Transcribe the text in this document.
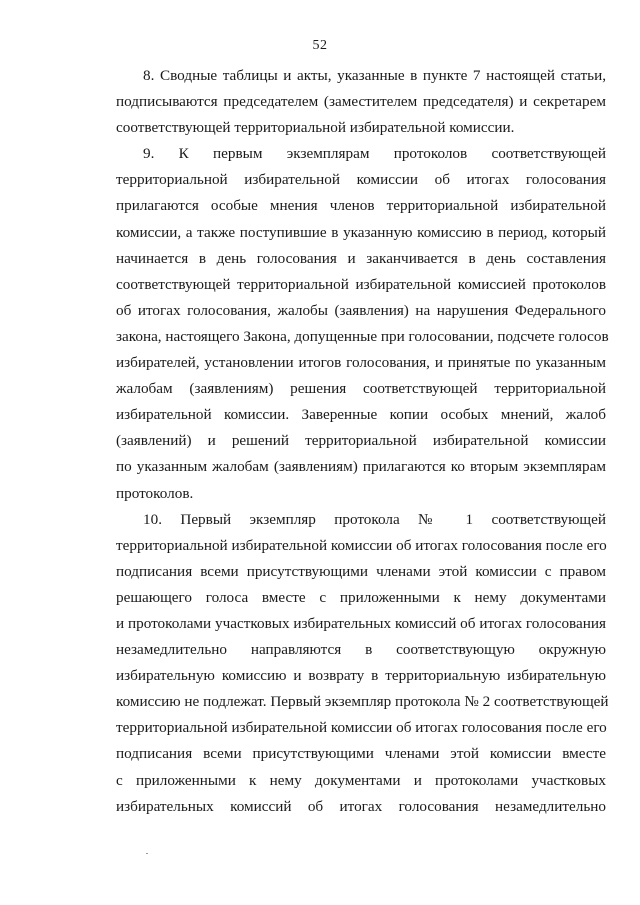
52
8. Сводные таблицы и акты, указанные в пункте 7 настоящей статьи,
подписываются председателем (заместителем председателя) и секретарем
соответствующей территориальной избирательной комиссии.
9. К первым экземплярам протоколов соответствующей
территориальной избирательной комиссии об итогах голосования
прилагаются особые мнения членов территориальной избирательной
комиссии, а также поступившие в указанную комиссию в период, который
начинается в день голосования и заканчивается в день составления
соответствующей территориальной избирательной комиссией протоколов
об итогах голосования, жалобы (заявления) на нарушения Федерального
закона, настоящего Закона, допущенные при голосовании, подсчете голосов
избирателей, установлении итогов голосования, и принятые по указанным
жалобам (заявлениям) решения соответствующей территориальной
избирательной комиссии. Заверенные копии особых мнений, жалоб
(заявлений) и решений территориальной избирательной комиссии
по указанным жалобам (заявлениям) прилагаются ко вторым экземплярам
протоколов.
10. Первый экземпляр протокола № 1 соответствующей
территориальной избирательной комиссии об итогах голосования после его
подписания всеми присутствующими членами этой комиссии с правом
решающего голоса вместе с приложенными к нему документами
и протоколами участковых избирательных комиссий об итогах голосования
незамедлительно направляются в соответствующую окружную
избирательную комиссию и возврату в территориальную избирательную
комиссию не подлежат. Первый экземпляр протокола № 2 соответствующей
территориальной избирательной комиссии об итогах голосования после его
подписания всеми присутствующими членами этой комиссии вместе
с приложенными к нему документами и протоколами участковых
избирательных комиссий об итогах голосования незамедлительно
